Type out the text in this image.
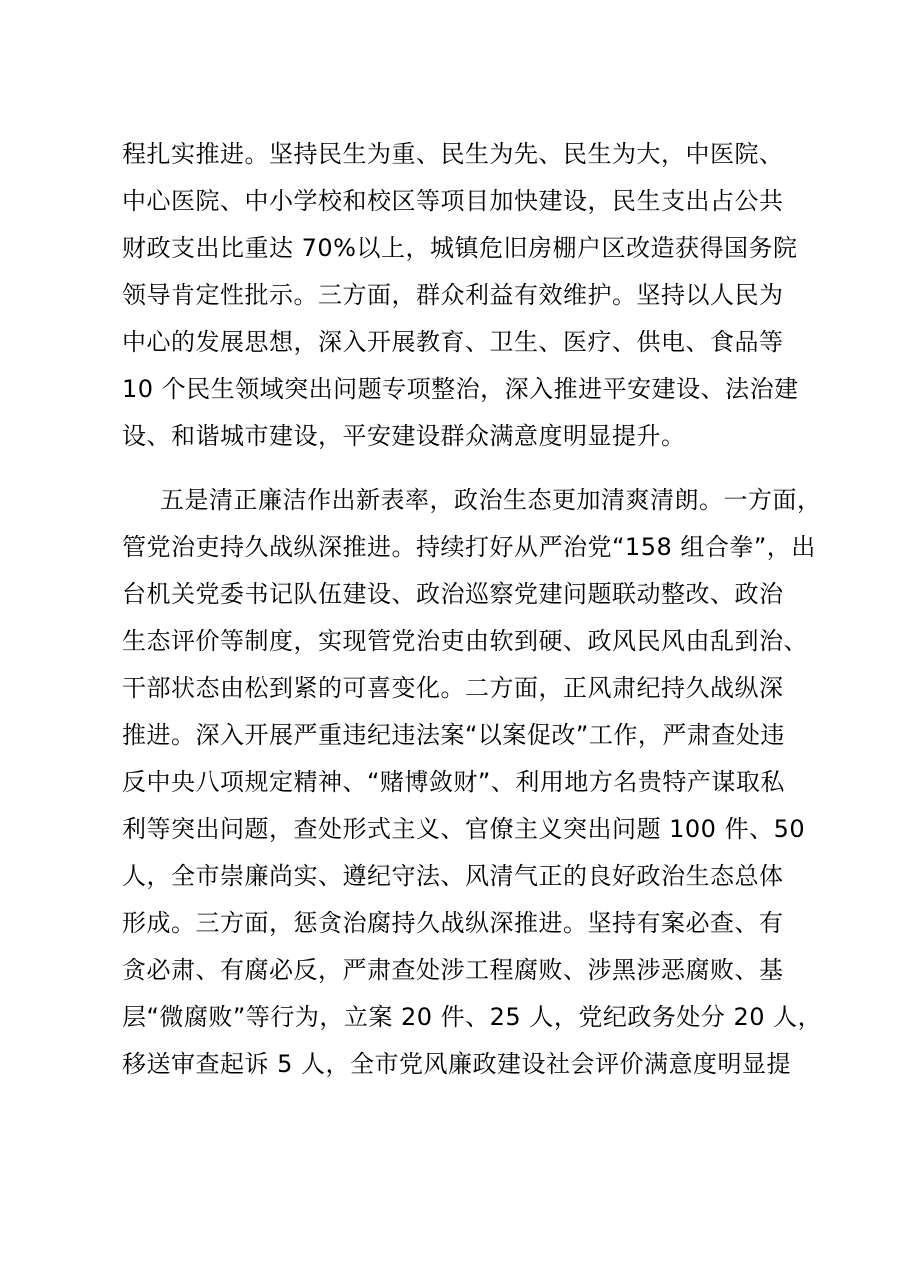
程扎实推进。坚持民生为重、民生为先、民生为大，中医院、
中心医院、中小学校和校区等项目加快建设，民生支出占公共
财政支出比重达 70%以上，城镇危旧房棚户区改造获得国务院
领导肯定性批示。三方面，群众利益有效维护。坚持以人民为
中心的发展思想，深入开展教育、卫生、医疗、供电、食品等
10 个民生领域突出问题专项整治，深入推进平安建设、法治建
设、和谐城市建设，平安建设群众满意度明显提升。
五是清正廉洁作出新表率，政治生态更加清爽清朗。一方面，
管党治吏持久战纵深推进。持续打好从严治党“158 组合拳”，出
台机关党委书记队伍建设、政治巡察党建问题联动整改、政治
生态评价等制度，实现管党治吏由软到硬、政风民风由乱到治、
干部状态由松到紧的可喜变化。二方面，正风肃纪持久战纵深
推进。深入开展严重违纪违法案“以案促改”工作，严肃查处违
反中央八项规定精神、“赌博敛财”、利用地方名贵特产谋取私
利等突出问题，查处形式主义、官僚主义突出问题 100 件、50
人，全市崇廉尚实、遵纪守法、风清气正的良好政治生态总体
形成。三方面，惩贪治腐持久战纵深推进。坚持有案必查、有
贪必肃、有腐必反，严肃查处涉工程腐败、涉黑涉恶腐败、基
层“微腐败”等行为，立案 20 件、25 人，党纪政务处分 20 人，
移送审查起诉 5 人，全市党风廉政建设社会评价满意度明显提
